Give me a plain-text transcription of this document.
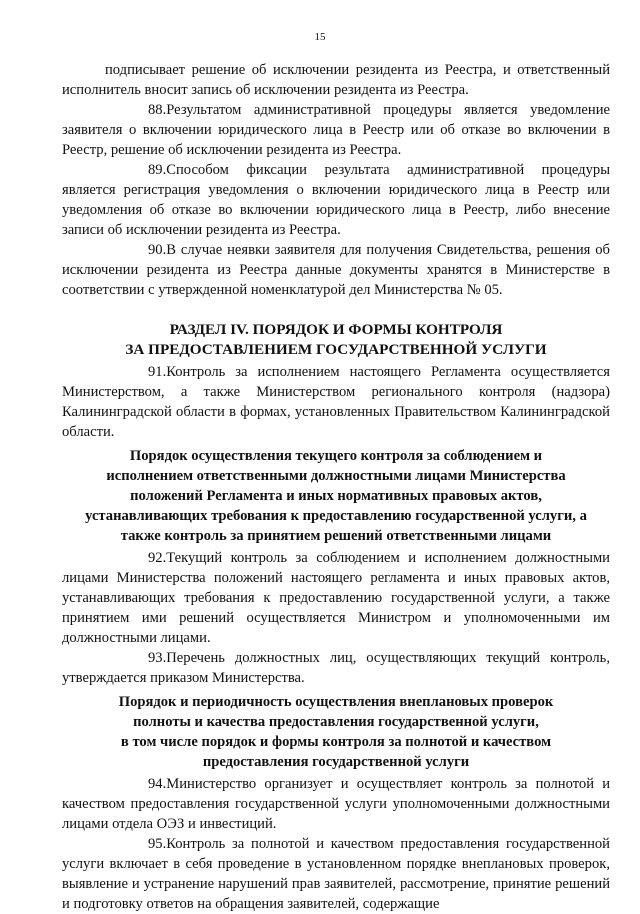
15

подписывает решение об исключении резидента из Реестра, и ответственный исполнитель вносит запись об исключении резидента из Реестра.

88.Результатом административной процедуры является уведомление заявителя о включении юридического лица в Реестр или об отказе во включении в Реестр, решение об исключении резидента из Реестра.

89.Способом фиксации результата административной процедуры является регистрация уведомления о включении юридического лица в Реестр или уведомления об отказе во включении юридического лица в Реестр, либо внесение записи об исключении резидента из Реестра.

90.В случае неявки заявителя для получения Свидетельства, решения об исключении резидента из Реестра данные документы хранятся в Министерстве в соответствии с утвержденной номенклатурой дел Министерства № 05.

РАЗДЕЛ IV. ПОРЯДОК И ФОРМЫ КОНТРОЛЯ
ЗА ПРЕДОСТАВЛЕНИЕМ ГОСУДАРСТВЕННОЙ УСЛУГИ

91.Контроль за исполнением настоящего Регламента осуществляется Министерством, а также Министерством регионального контроля (надзора) Калининградской области в формах, установленных Правительством Калининградской области.

Порядок осуществления текущего контроля за соблюдением и
исполнением ответственными должностными лицами Министерства
положений Регламента и иных нормативных правовых актов,
устанавливающих требования к предоставлению государственной услуги, а
также контроль за принятием решений ответственными лицами

92.Текущий контроль за соблюдением и исполнением должностными лицами Министерства положений настоящего регламента и иных правовых актов, устанавливающих требования к предоставлению государственной услуги, а также принятием ими решений осуществляется Министром и уполномоченными им должностными лицами.

93.Перечень должностных лиц, осуществляющих текущий контроль, утверждается приказом Министерства.

Порядок и периодичность осуществления внеплановых проверок
полноты и качества предоставления государственной услуги,
в том числе порядок и формы контроля за полнотой и качеством
предоставления государственной услуги

94.Министерство организует и осуществляет контроль за полнотой и качеством предоставления государственной услуги уполномоченными должностными лицами отдела ОЭЗ и инвестиций.

95.Контроль за полнотой и качеством предоставления государственной услуги включает в себя проведение в установленном порядке внеплановых проверок, выявление и устранение нарушений прав заявителей, рассмотрение, принятие решений и подготовку ответов на обращения заявителей, содержащие
